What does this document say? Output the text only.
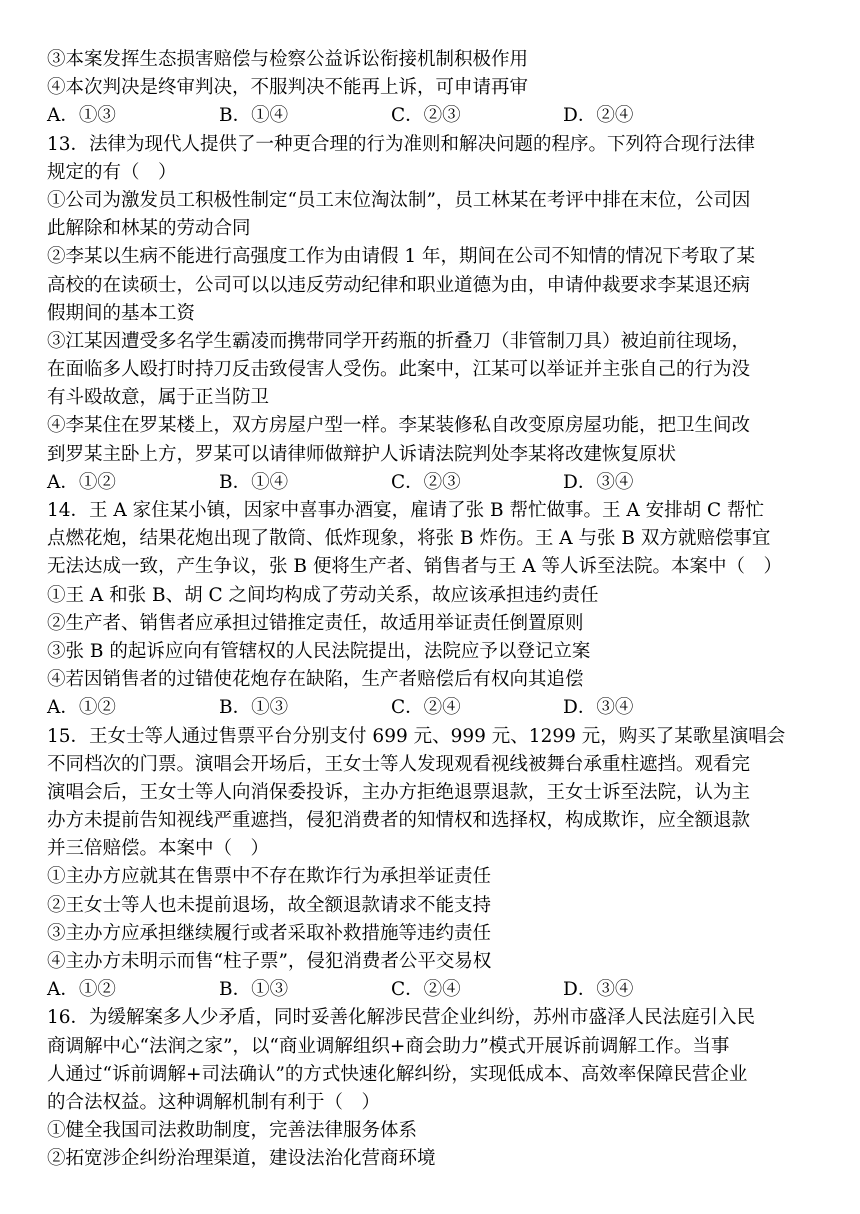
③本案发挥生态损害赔偿与检察公益诉讼衔接机制积极作用
④本次判决是终审判决，不服判决不能再上诉，可申请再审
A．①③	B．①④	C．②③	D．②④
13．法律为现代人提供了一种更合理的行为准则和解决问题的程序。下列符合现行法律
规定的有（　）
①公司为激发员工积极性制定“员工末位淘汰制”，员工林某在考评中排在末位，公司因
此解除和林某的劳动合同
②李某以生病不能进行高强度工作为由请假 1 年，期间在公司不知情的情况下考取了某
高校的在读硕士，公司可以以违反劳动纪律和职业道德为由，申请仲裁要求李某退还病
假期间的基本工资
③江某因遭受多名学生霸凌而携带同学开药瓶的折叠刀（非管制刀具）被迫前往现场，
在面临多人殴打时持刀反击致侵害人受伤。此案中，江某可以举证并主张自己的行为没
有斗殴故意，属于正当防卫
④李某住在罗某楼上，双方房屋户型一样。李某装修私自改变原房屋功能，把卫生间改
到罗某主卧上方，罗某可以请律师做辩护人诉请法院判处李某将改建恢复原状
A．①②	B．①④	C．②③	D．③④
14．王 A 家住某小镇，因家中喜事办酒宴，雇请了张 B 帮忙做事。王 A 安排胡 C 帮忙
点燃花炮，结果花炮出现了散筒、低炸现象，将张 B 炸伤。王 A 与张 B 双方就赔偿事宜
无法达成一致，产生争议，张 B 便将生产者、销售者与王 A 等人诉至法院。本案中（　）
①王 A 和张 B、胡 C 之间均构成了劳动关系，故应该承担违约责任
②生产者、销售者应承担过错推定责任，故适用举证责任倒置原则
③张 B 的起诉应向有管辖权的人民法院提出，法院应予以登记立案
④若因销售者的过错使花炮存在缺陷，生产者赔偿后有权向其追偿
A．①②	B．①③	C．②④	D．③④
15．王女士等人通过售票平台分别支付 699 元、999 元、1299 元，购买了某歌星演唱会
不同档次的门票。演唱会开场后，王女士等人发现观看视线被舞台承重柱遮挡。观看完
演唱会后，王女士等人向消保委投诉，主办方拒绝退票退款，王女士诉至法院，认为主
办方未提前告知视线严重遮挡，侵犯消费者的知情权和选择权，构成欺诈，应全额退款
并三倍赔偿。本案中（　）
①主办方应就其在售票中不存在欺诈行为承担举证责任
②王女士等人也未提前退场，故全额退款请求不能支持
③主办方应承担继续履行或者采取补救措施等违约责任
④主办方未明示而售“柱子票”，侵犯消费者公平交易权
A．①②	B．①③	C．②④	D．③④
16．为缓解案多人少矛盾，同时妥善化解涉民营企业纠纷，苏州市盛泽人民法庭引入民
商调解中心“法润之家”，以“商业调解组织+商会助力”模式开展诉前调解工作。当事
人通过“诉前调解+司法确认”的方式快速化解纠纷，实现低成本、高效率保障民营企业
的合法权益。这种调解机制有利于（　）
①健全我国司法救助制度，完善法律服务体系
②拓宽涉企纠纷治理渠道，建设法治化营商环境
